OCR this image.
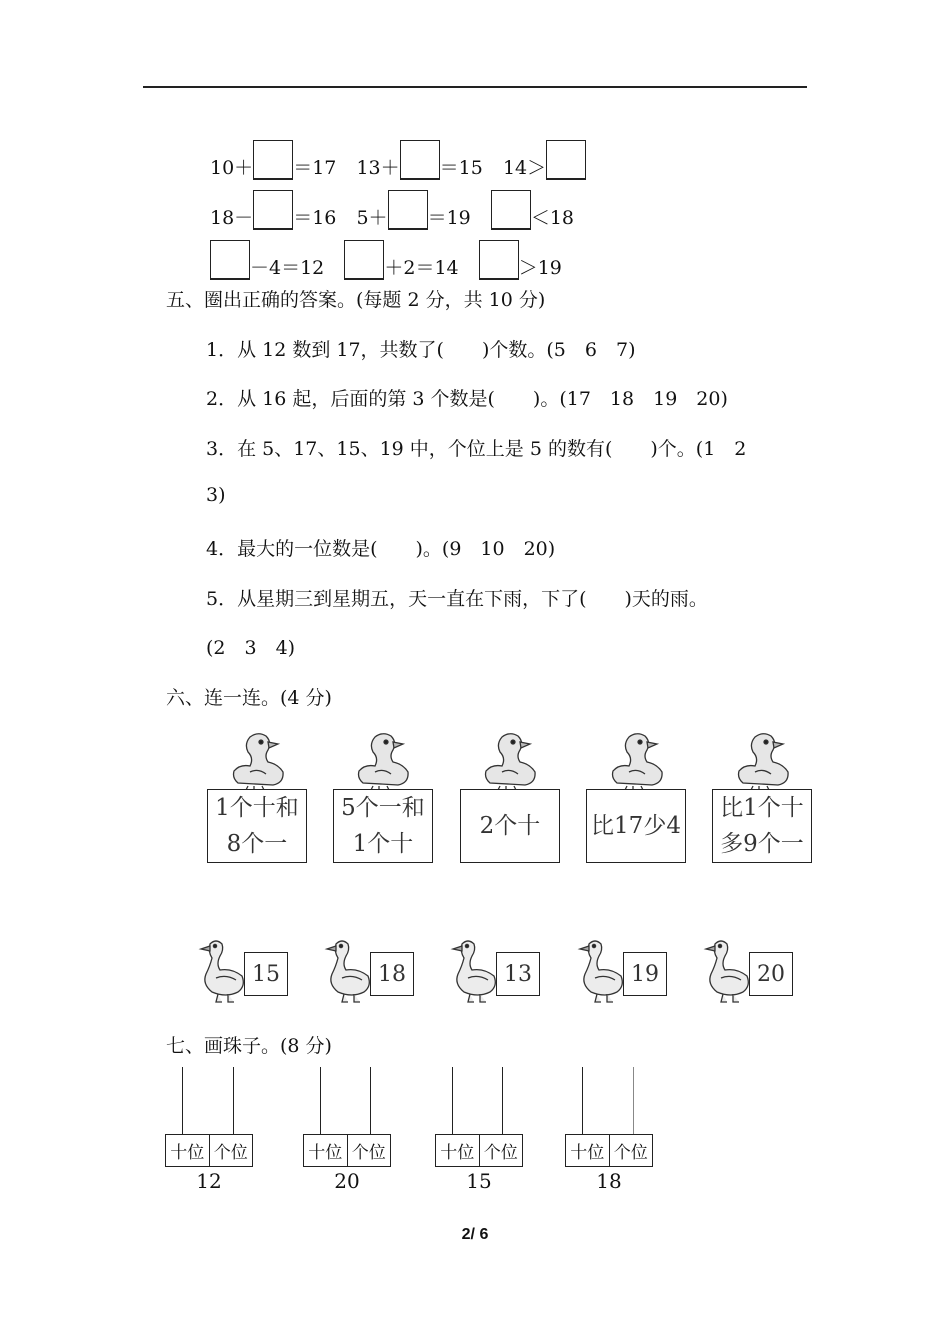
10＋ ＝17 13＋ ＝15 14＞
18－ ＝16 5＋ ＝19	＜18
－4＝12	＋2＝14	＞19
五、圈出正确的答案。(每题 2 分，共 10 分)
1．从 12 数到 17，共数了(　　)个数。(5　6　7)
2．从 16 起，后面的第 3 个数是(　　)。(17　18　19　20)
3．在 5、17、15、19 中，个位上是 5 的数有(　　)个。(1　2
3)
4．最大的一位数是(　　)。(9　10　20)
5．从星期三到星期五，天一直在下雨，下了(　　)天的雨。
(2　3　4)
六、连一连。(4 分)
1个十和
8个一
5个一和
1个十
2个十 比17少4
比1个十
多9个一
15	18	13	19	20
七、画珠子。(8 分)
十位 个位
12
十位 个位
20
十位 个位
15
十位 个位
18
2/ 6
